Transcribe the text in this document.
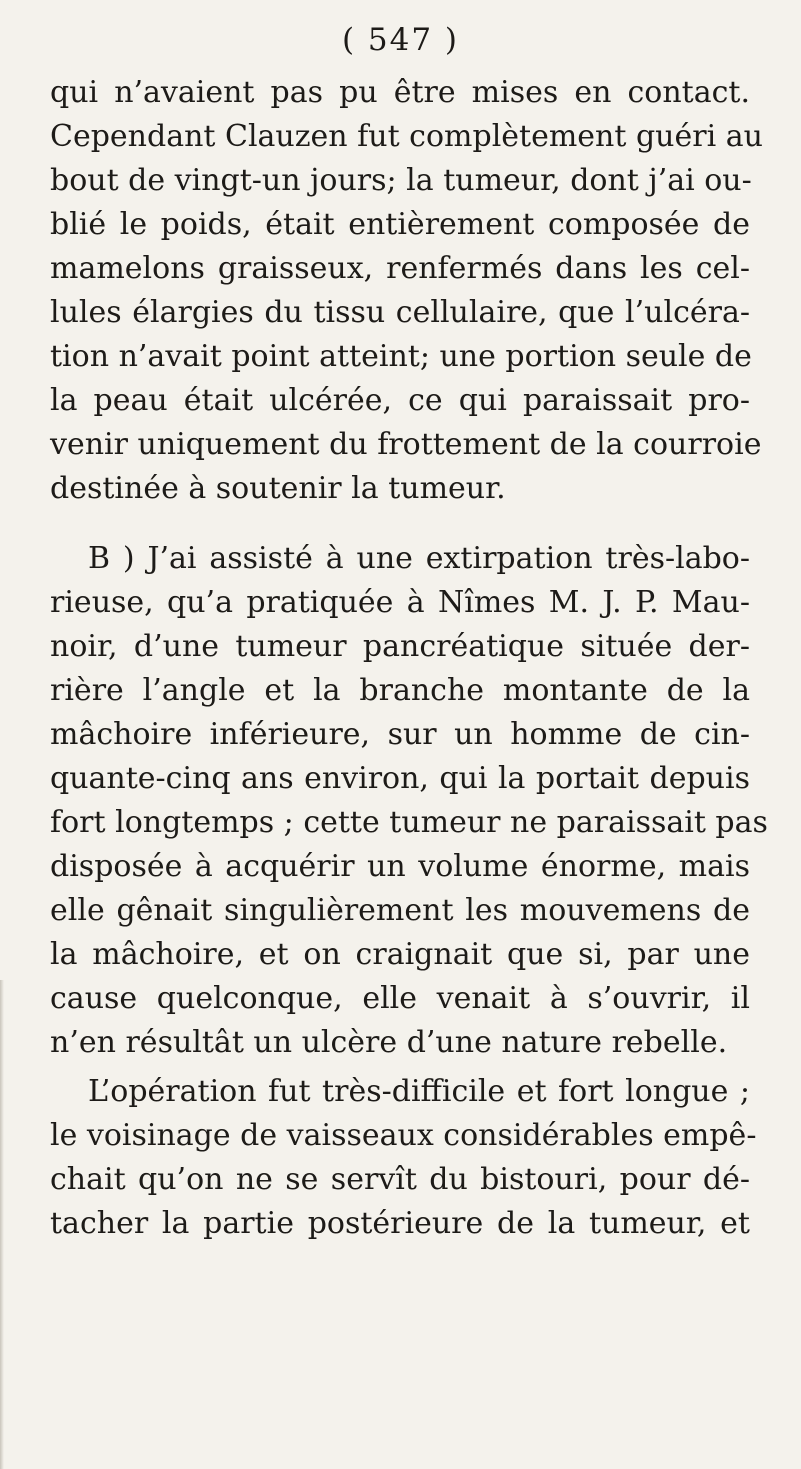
( 547 )
qui n’avaient pas pu être mises en contact.
Cependant Clauzen fut complètement guéri au
bout de vingt-un jours; la tumeur, dont j’ai ou-
blié le poids, était entièrement composée de
mamelons graisseux, renfermés dans les cel-
lules élargies du tissu cellulaire, que l’ulcéra-
tion n’avait point atteint; une portion seule de
la peau était ulcérée, ce qui paraissait pro-
venir uniquement du frottement de la courroie
destinée à soutenir la tumeur.
B ) J’ai assisté à une extirpation très-labo-
rieuse, qu’a pratiquée à Nîmes M. J. P. Mau-
noir, d’une tumeur pancréatique située der-
rière l’angle et la branche montante de la
mâchoire inférieure, sur un homme de cin-
quante-cinq ans environ, qui la portait depuis
fort longtemps ; cette tumeur ne paraissait pas
disposée à acquérir un volume énorme, mais
elle gênait singulièrement les mouvemens de
la mâchoire, et on craignait que si, par une
cause quelconque, elle venait à s’ouvrir, il
n’en résultât un ulcère d’une nature rebelle.
L’opération fut très-difficile et fort longue ;
le voisinage de vaisseaux considérables empê-
chait qu’on ne se servît du bistouri, pour dé-
tacher la partie postérieure de la tumeur, et
